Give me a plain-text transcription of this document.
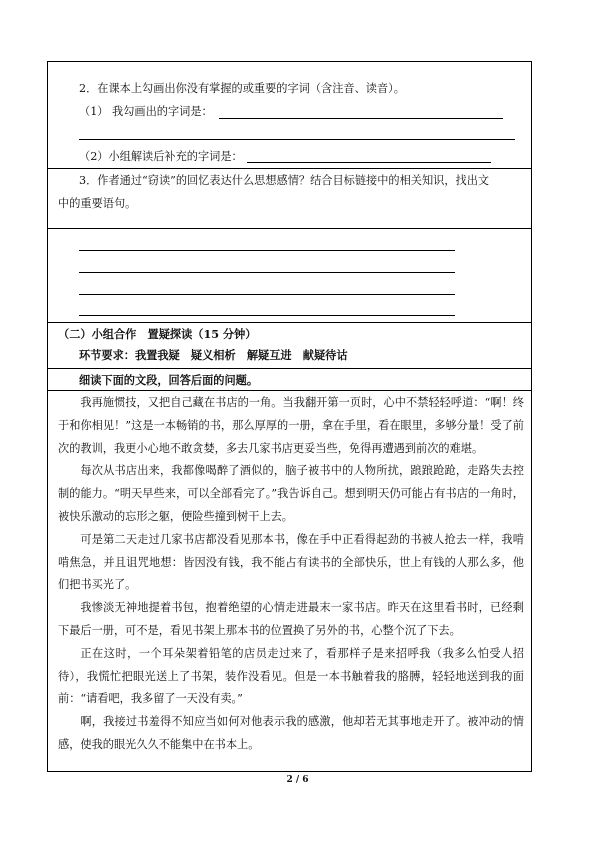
2．在课本上勾画出你没有掌握的或重要的字词（含注音、读音）。
（1） 我勾画出的字词是：
（2）小组解读后补充的字词是：
3．作者通过“窃读”的回忆表达什么思想感情？结合目标链接中的相关知识，找出文
中的重要语句。
（二）小组合作　置疑探读（15 分钟）
环节要求：我置我疑　疑义相析　解疑互进　献疑待诂
细读下面的文段，回答后面的问题。

我再施惯技，又把自己藏在书店的一角。当我翻开第一页时，心中不禁轻轻呼道：“啊！终于和你相见！”这是一本畅销的书，那么厚厚的一册，拿在手里，看在眼里，多够分量！受了前次的教训，我更小心地不敢贪婪，多去几家书店更妥当些，免得再遭遇到前次的难堪。

每次从书店出来，我都像喝醉了酒似的，脑子被书中的人物所扰，踉踉跄跄，走路失去控制的能力。“明天早些来，可以全部看完了。”我告诉自己。想到明天仍可能占有书店的一角时，被快乐激动的忘形之躯，便险些撞到树干上去。

可是第二天走过几家书店都没看见那本书，像在手中正看得起劲的书被人抢去一样，我啃啃焦急，并且诅咒地想：皆因没有钱，我不能占有读书的全部快乐，世上有钱的人那么多，他们把书买光了。

我惨淡无神地提着书包，抱着绝望的心情走进最末一家书店。昨天在这里看书时，已经剩下最后一册，可不是，看见书架上那本书的位置换了另外的书，心整个沉了下去。

正在这时，一个耳朵架着铅笔的店员走过来了，看那样子是来招呼我（我多么怕受人招待），我慌忙把眼光送上了书架，装作没看见。但是一本书触着我的胳膊，轻轻地送到我的面前：“请看吧，我多留了一天没有卖。”

啊，我接过书羞得不知应当如何对他表示我的感激，他却若无其事地走开了。被冲动的情感，使我的眼光久久不能集中在书本上。

2 / 6
